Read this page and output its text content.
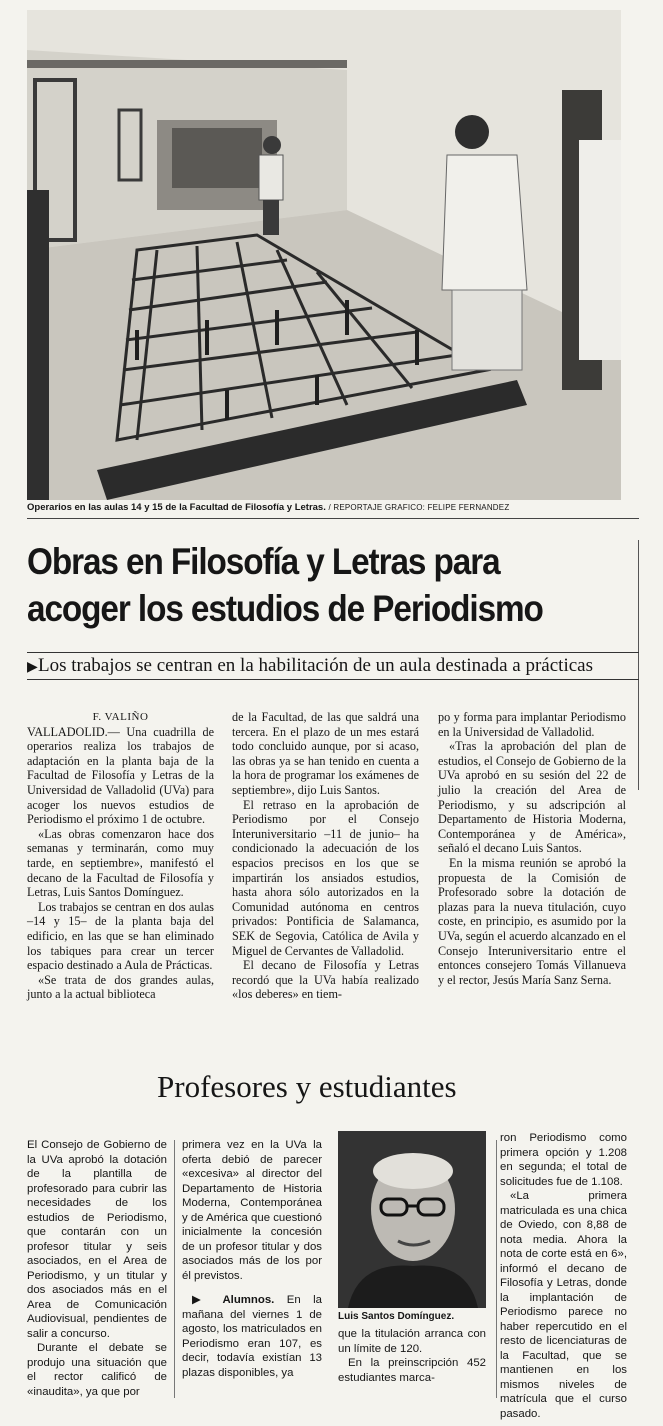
Operarios en las aulas 14 y 15 de la Facultad de Filosofía y Letras. / REPORTAJE GRAFICO: FELIPE FERNANDEZ
Obras en Filosofía y Letras para
acoger los estudios de Periodismo
▶Los trabajos se centran en la habilitación de un aula destinada a prácticas
F. VALIÑO

VALLADOLID.— Una cuadrilla de operarios realiza los trabajos de adaptación en la planta baja de la Facultad de Filosofía y Letras de la Universidad de Valladolid (UVa) para acoger los nuevos estudios de Periodismo el próximo 1 de octubre.

«Las obras comenzaron hace dos semanas y terminarán, como muy tarde, en septiembre», manifestó el decano de la Facultad de Filosofía y Letras, Luis Santos Domínguez.

Los trabajos se centran en dos aulas –14 y 15– de la planta baja del edificio, en las que se han eliminado los tabiques para crear un tercer espacio destinado a Aula de Prácticas.

«Se trata de dos grandes aulas, junto a la actual biblioteca

de la Facultad, de las que saldrá una tercera. En el plazo de un mes estará todo concluido aunque, por si acaso, las obras ya se han tenido en cuenta a la hora de programar los exámenes de septiembre», dijo Luis Santos.

El retraso en la aprobación de Periodismo por el Consejo Interuniversitario –11 de junio– ha condicionado la adecuación de los espacios precisos en los que se impartirán los ansiados estudios, hasta ahora sólo autorizados en la Comunidad autónoma en centros privados: Pontificia de Salamanca, SEK de Segovia, Católica de Avila y Miguel de Cervantes de Valladolid.

El decano de Filosofía y Letras recordó que la UVa había realizado «los deberes» en tiem-

po y forma para implantar Periodismo en la Universidad de Valladolid.

«Tras la aprobación del plan de estudios, el Consejo de Gobierno de la UVa aprobó en su sesión del 22 de julio la creación del Area de Periodismo, y su adscripción al Departamento de Historia Moderna, Contemporánea y de América», señaló el decano Luis Santos.

En la misma reunión se aprobó la propuesta de la Comisión de Profesorado sobre la dotación de plazas para la nueva titulación, cuyo coste, en principio, es asumido por la UVa, según el acuerdo alcanzado en el Consejo Interuniversitario entre el entonces consejero Tomás Villanueva y el rector, Jesús María Sanz Serna.

Profesores y estudiantes

El Consejo de Gobierno de la UVa aprobó la dotación de la plantilla de profesorado para cubrir las necesidades de los estudios de Periodismo, que contarán con un profesor titular y seis asociados, en el Area de Periodismo, y un titular y dos asociados más en el Area de Comunicación Audiovisual, pendientes de salir a concurso.

Durante el debate se produjo una situación que el rector calificó de «inaudita», ya que por

primera vez en la UVa la oferta debió de parecer «excesiva» al director del Departamento de Historia Moderna, Contemporánea y de América que cuestionó inicialmente la concesión de un profesor titular y dos asociados más de los por él previstos.

▶ Alumnos. En la mañana del viernes 1 de agosto, los matriculados en Periodismo eran 107, es decir, todavía existían 13 plazas disponibles, ya

Luis Santos Domínguez.

que la titulación arranca con un límite de 120.

En la preinscripción 452 estudiantes marca-

ron Periodismo como primera opción y 1.208 en segunda; el total de solicitudes fue de 1.108.

«La primera matriculada es una chica de Oviedo, con 8,88 de nota media. Ahora la nota de corte está en 6», informó el decano de Filosofía y Letras, donde la implantación de Periodismo parece no haber repercutido en el resto de licenciaturas de la Facultad, que se mantienen en los mismos niveles de matrícula que el curso pasado.
